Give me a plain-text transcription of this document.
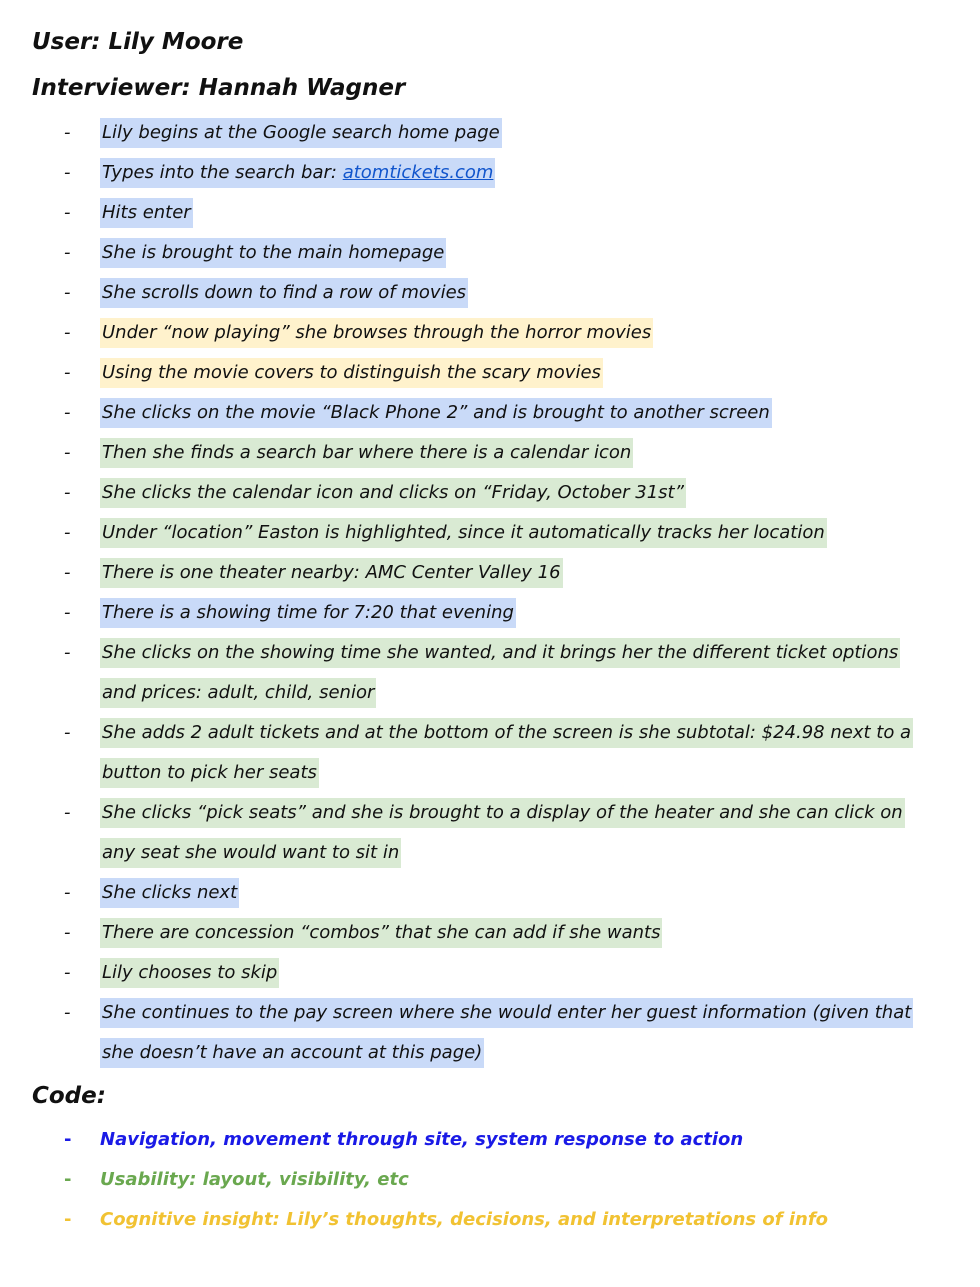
User: Lily Moore
Interviewer: Hannah Wagner
- Lily begins at the Google search home page
- Types into the search bar: atomtickets.com
- Hits enter
- She is brought to the main homepage
- She scrolls down to find a row of movies
- Under “now playing” she browses through the horror movies
- Using the movie covers to distinguish the scary movies
- She clicks on the movie “Black Phone 2” and is brought to another screen
- Then she finds a search bar where there is a calendar icon
- She clicks the calendar icon and clicks on “Friday, October 31st”
- Under “location” Easton is highlighted, since it automatically tracks her location
- There is one theater nearby: AMC Center Valley 16
- There is a showing time for 7:20 that evening
- She clicks on the showing time she wanted, and it brings her the different ticket options
and prices: adult, child, senior
- She adds 2 adult tickets and at the bottom of the screen is she subtotal: $24.98 next to a
button to pick her seats
- She clicks “pick seats” and she is brought to a display of the heater and she can click on
any seat she would want to sit in
- She clicks next
- There are concession “combos” that she can add if she wants
- Lily chooses to skip
- She continues to the pay screen where she would enter her guest information (given that
she doesn’t have an account at this page)
Code:
- Navigation, movement through site, system response to action
- Usability: layout, visibility, etc
- Cognitive insight: Lily’s thoughts, decisions, and interpretations of info
